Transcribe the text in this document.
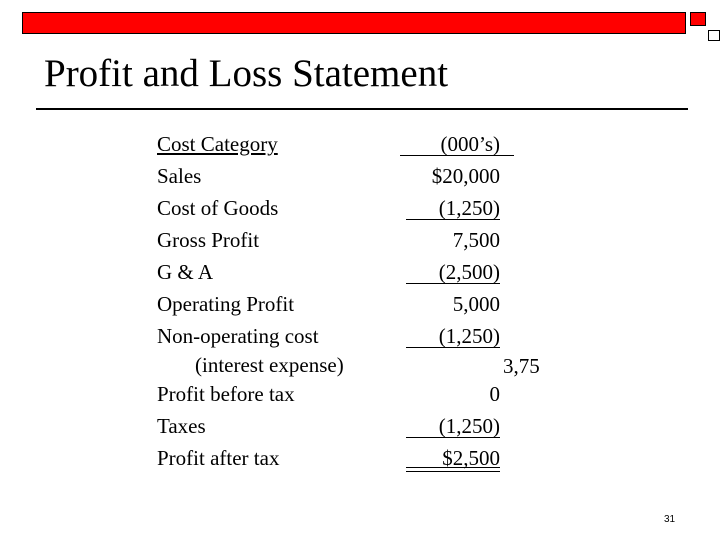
Profit and Loss Statement
Cost Category
Sales
Cost of Goods
Gross Profit
G & A
Operating Profit
Non-operating cost
(interest expense)
Profit before tax
Taxes
Profit after tax
(000’s)
$20,000
(1,250)
7,500
(2,500)
5,000
(1,250)
0
(1,250)
$2,500
3,75
31
